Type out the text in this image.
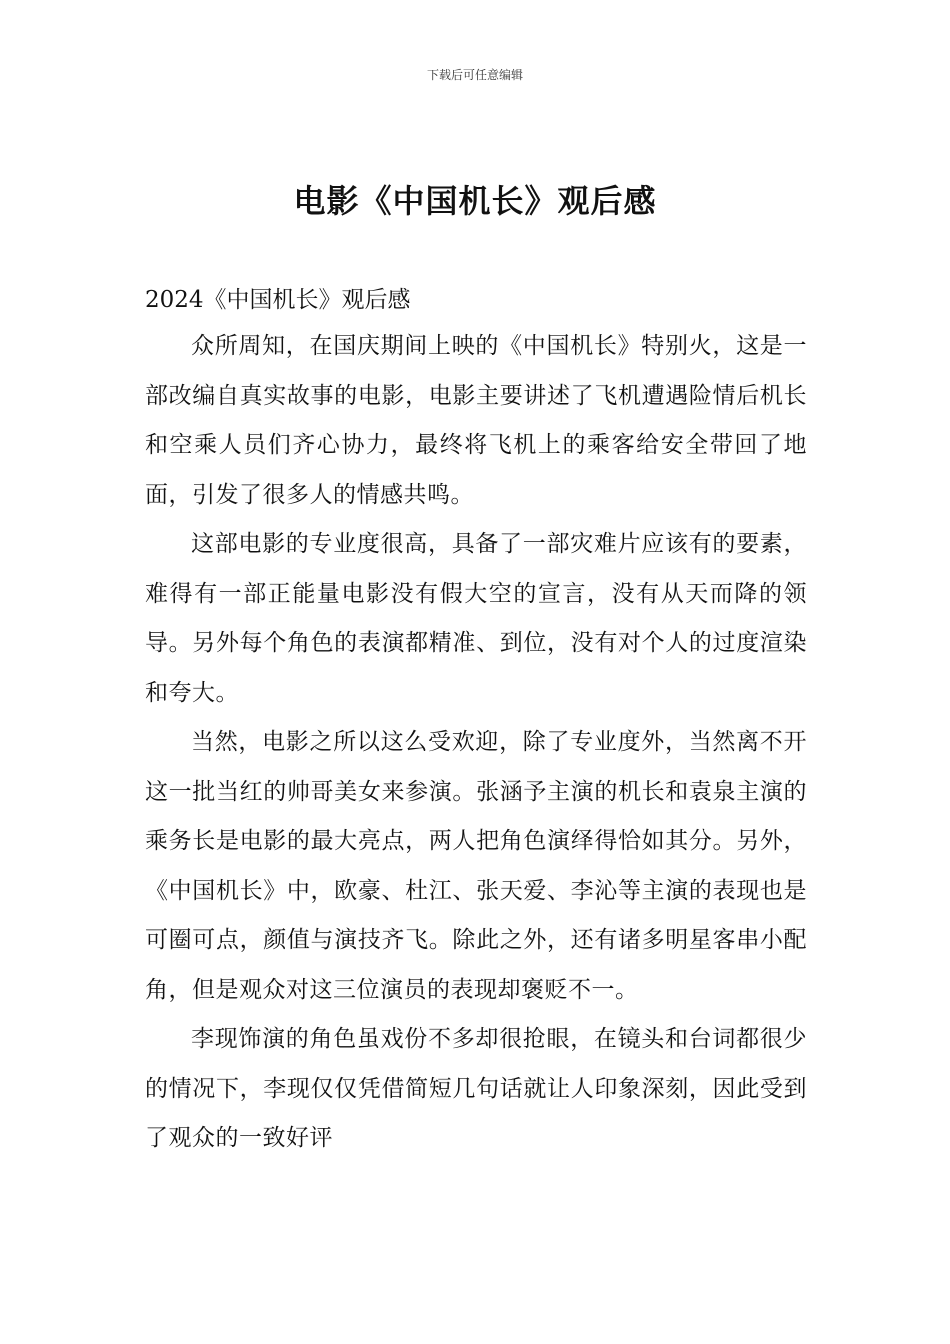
下载后可任意编辑
电影《中国机长》观后感

2024《中国机长》观后感

众所周知，在国庆期间上映的《中国机长》特别火，这是一部改编自真实故事的电影，电影主要讲述了飞机遭遇险情后机长和空乘人员们齐心协力，最终将飞机上的乘客给安全带回了地面，引发了很多人的情感共鸣。

这部电影的专业度很高，具备了一部灾难片应该有的要素，难得有一部正能量电影没有假大空的宣言，没有从天而降的领导。另外每个角色的表演都精准、到位，没有对个人的过度渲染和夸大。

当然，电影之所以这么受欢迎，除了专业度外，当然离不开这一批当红的帅哥美女来参演。张涵予主演的机长和袁泉主演的乘务长是电影的最大亮点，两人把角色演绎得恰如其分。另外，《中国机长》中，欧豪、杜江、张天爱、李沁等主演的表现也是可圈可点，颜值与演技齐飞。除此之外，还有诸多明星客串小配角，但是观众对这三位演员的表现却褒贬不一。

李现饰演的角色虽戏份不多却很抢眼，在镜头和台词都很少的情况下，李现仅仅凭借简短几句话就让人印象深刻，因此受到了观众的一致好评
